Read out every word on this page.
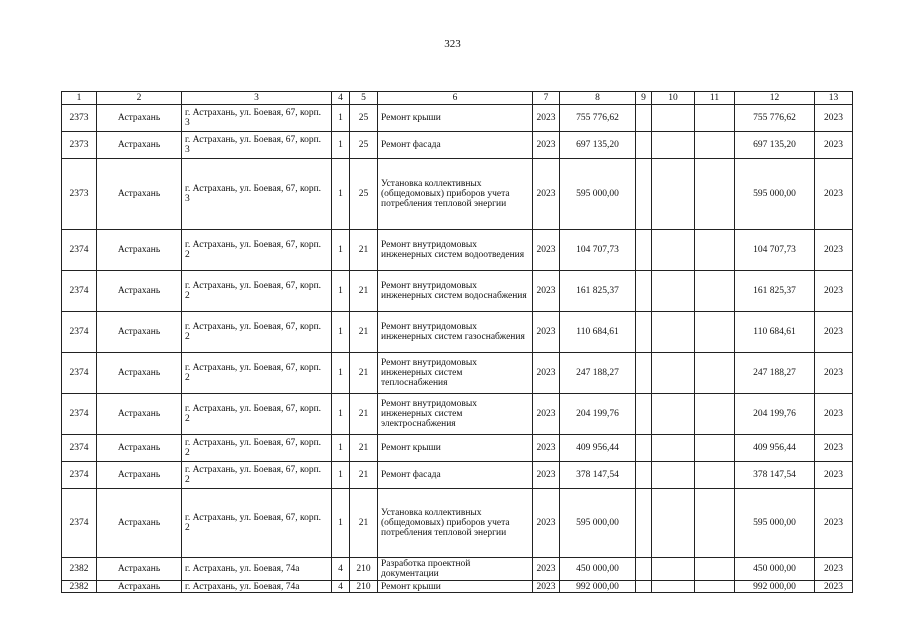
323
1	2	3	4	5	6	7	8	9	10	11	12	13
2373	Астрахань	г. Астрахань, ул. Боевая, 67, корп. 3	1	25	Ремонт крыши	2023	755 776,62				755 776,62	2023
2373	Астрахань	г. Астрахань, ул. Боевая, 67, корп. 3	1	25	Ремонт фасада	2023	697 135,20				697 135,20	2023
2373	Астрахань	г. Астрахань, ул. Боевая, 67, корп. 3	1	25	Установка коллективных (общедомовых) приборов учета потребления тепловой энергии	2023	595 000,00				595 000,00	2023
2374	Астрахань	г. Астрахань, ул. Боевая, 67, корп. 2	1	21	Ремонт внутридомовых инженерных систем водоотведения	2023	104 707,73				104 707,73	2023
2374	Астрахань	г. Астрахань, ул. Боевая, 67, корп. 2	1	21	Ремонт внутридомовых инженерных систем водоснабжения	2023	161 825,37				161 825,37	2023
2374	Астрахань	г. Астрахань, ул. Боевая, 67, корп. 2	1	21	Ремонт внутридомовых инженерных систем газоснабжения	2023	110 684,61				110 684,61	2023
2374	Астрахань	г. Астрахань, ул. Боевая, 67, корп. 2	1	21	Ремонт внутридомовых инженерных систем теплоснабжения	2023	247 188,27				247 188,27	2023
2374	Астрахань	г. Астрахань, ул. Боевая, 67, корп. 2	1	21	Ремонт внутридомовых инженерных систем электроснабжения	2023	204 199,76				204 199,76	2023
2374	Астрахань	г. Астрахань, ул. Боевая, 67, корп. 2	1	21	Ремонт крыши	2023	409 956,44				409 956,44	2023
2374	Астрахань	г. Астрахань, ул. Боевая, 67, корп. 2	1	21	Ремонт фасада	2023	378 147,54				378 147,54	2023
2374	Астрахань	г. Астрахань, ул. Боевая, 67, корп. 2	1	21	Установка коллективных (общедомовых) приборов учета потребления тепловой энергии	2023	595 000,00				595 000,00	2023
2382	Астрахань	г. Астрахань, ул. Боевая, 74а	4	210	Разработка проектной документации	2023	450 000,00				450 000,00	2023
2382	Астрахань	г. Астрахань, ул. Боевая, 74а	4	210	Ремонт крыши	2023	992 000,00				992 000,00	2023
